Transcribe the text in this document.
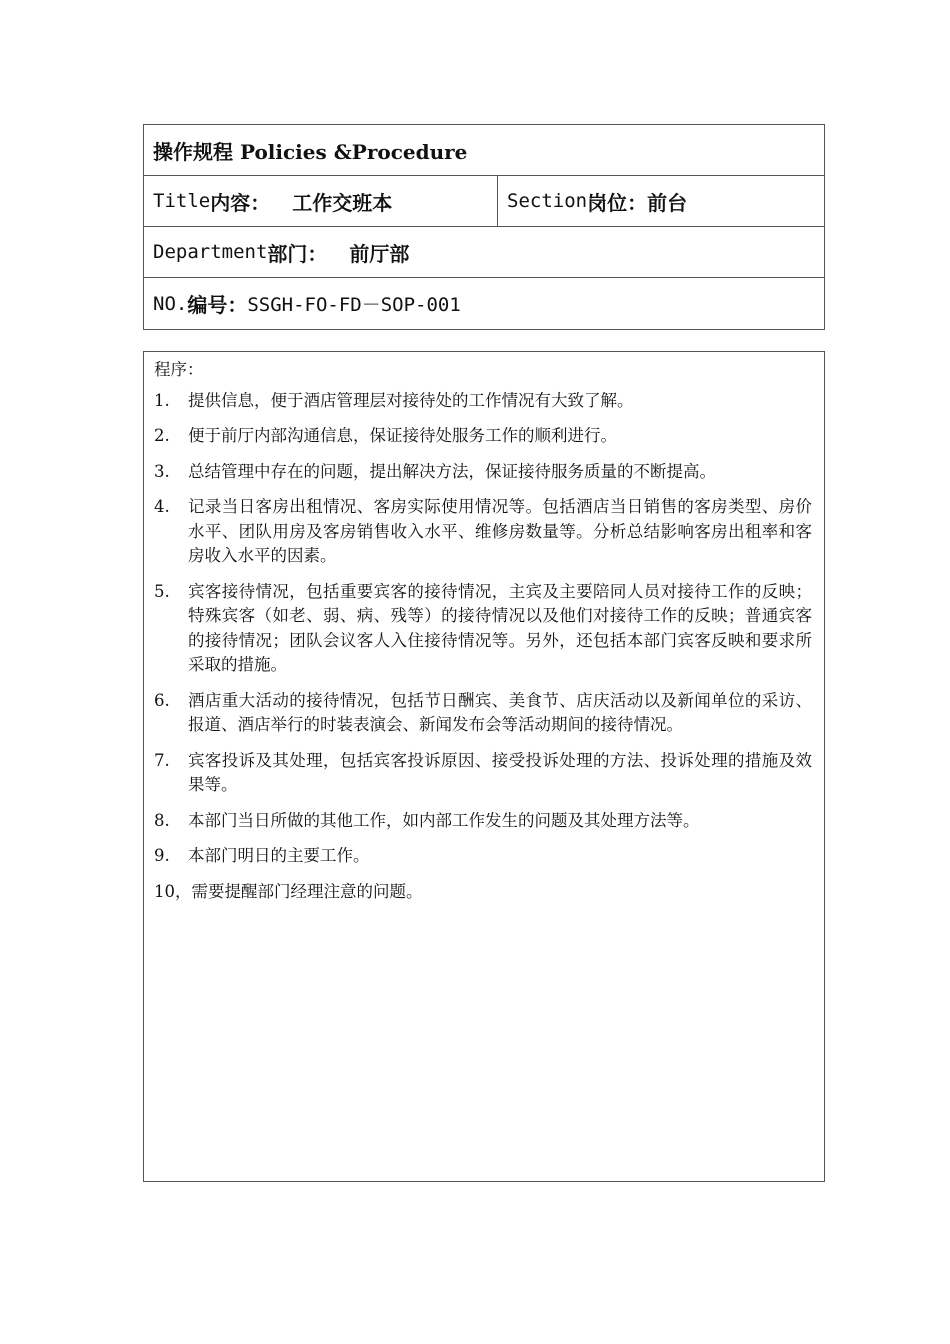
操作规程 Policies &Procedure
Title 内容： 工作交班本	Section 岗位： 前台
Department 部门： 前厅部
NO. 编号： SSGH-FO-FD－SOP-001
程序：
1.	提供信息，便于酒店管理层对接待处的工作情况有大致了解。
2.	便于前厅内部沟通信息，保证接待处服务工作的顺利进行。
3.	总结管理中存在的问题，提出解决方法，保证接待服务质量的不断提高。
4.	记录当日客房出租情况、客房实际使用情况等。包括酒店当日销售的客房类型、房价水平、团队用房及客房销售收入水平、维修房数量等。分析总结影响客房出租率和客房收入水平的因素。
5.	宾客接待情况，包括重要宾客的接待情况，主宾及主要陪同人员对接待工作的反映；特殊宾客（如老、弱、病、残等）的接待情况以及他们对接待工作的反映；普通宾客的接待情况；团队会议客人入住接待情况等。另外，还包括本部门宾客反映和要求所采取的措施。
6.	酒店重大活动的接待情况，包括节日酬宾、美食节、店庆活动以及新闻单位的采访、报道、酒店举行的时装表演会、新闻发布会等活动期间的接待情况。
7.	宾客投诉及其处理，包括宾客投诉原因、接受投诉处理的方法、投诉处理的措施及效果等。
8.	本部门当日所做的其他工作，如内部工作发生的问题及其处理方法等。
9.	本部门明日的主要工作。
10， 需要提醒部门经理注意的问题。
